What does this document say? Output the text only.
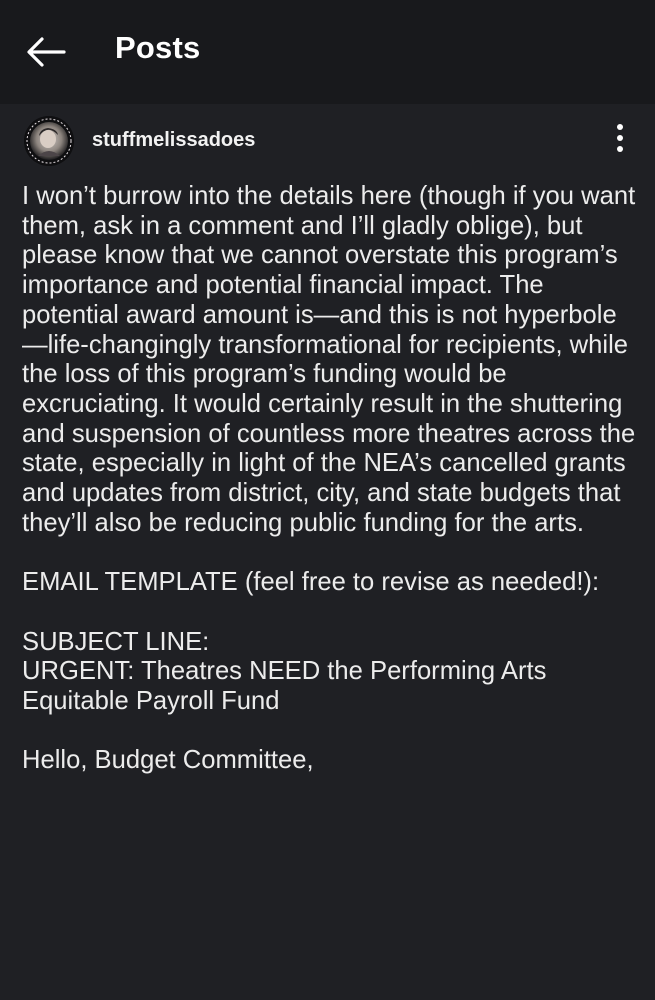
Posts
stuffmelissadoes

I won’t burrow into the details here (though if you want them, ask in a comment and I’ll gladly oblige), but please know that we cannot overstate this program’s importance and potential financial impact. The potential award amount is—and this is not hyperbole—life-changingly transformational for recipients, while the loss of this program’s funding would be excruciating. It would certainly result in the shuttering and suspension of countless more theatres across the state, especially in light of the NEA’s cancelled grants and updates from district, city, and state budgets that they’ll also be reducing public funding for the arts.

EMAIL TEMPLATE (feel free to revise as needed!):

SUBJECT LINE:

URGENT: Theatres NEED the Performing Arts Equitable Payroll Fund

Hello, Budget Committee,
